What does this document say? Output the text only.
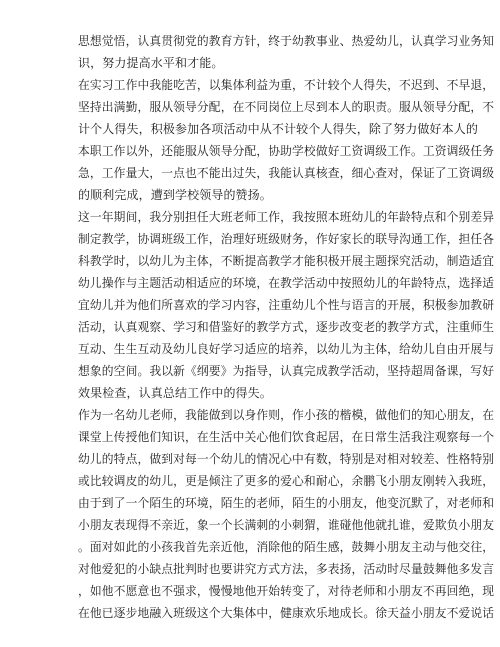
思想觉悟，认真贯彻党的教育方针，终于幼教事业、热爱幼儿，认真学习业务知
识，努力提高水平和才能。
在实习工作中我能吃苦，以集体利益为重，不计较个人得失，不迟到、不早退，
坚持出满勤，服从领导分配，在不同岗位上尽到本人的职责。服从领导分配，不
计个人得失，积极参加各项活动中从不计较个人得失，除了努力做好本人的
本职工作以外，还能服从领导分配，协助学校做好工资调级工作。工资调级任务
急，工作量大，一点也不能出过失，我能认真核查，细心查对，保证了工资调级
的顺利完成，遭到学校领导的赞扬。
这一年期间，我分别担任大班老师工作，我按照本班幼儿的年龄特点和个别差异
制定教学，协调班级工作，治理好班级财务，作好家长的联导沟通工作，担任各
科教学时，以幼儿为主体，不断提高教学才能积极开展主题探究活动，制造适宜
幼儿操作与主题活动相适应的环境，在教学活动中按照幼儿的年龄特点，选择适
宜幼儿并为他们所喜欢的学习内容，注重幼儿个性与语言的开展，积极参加教研
活动，认真观察、学习和借鉴好的教学方式，逐步改变老的教学方式，注重师生
互动、生生互动及幼儿良好学习适应的培养，以幼儿为主体，给幼儿自由开展与
想象的空间。我以新《纲要》为指导，认真完成教学活动，坚持超周备课，写好
效果检查，认真总结工作中的得失。
作为一名幼儿老师，我能做到以身作则，作小孩的楷模，做他们的知心朋友，在
课堂上传授他们知识，在生活中关心他们饮食起居，在日常生活我注观察每一个
幼儿的特点，做到对每一个幼儿的情况心中有数，特别是对相对较差、性格特别
或比较调皮的幼儿，更是倾注了更多的爱心和耐心，余鹏飞小朋友刚转入我班，
由于到了一个陌生的环境，陌生的老师，陌生的小朋友，他变沉默了，对老师和
小朋友表现得不亲近，象一个长满刺的小刺猬，谁碰他他就扎谁，爱欺负小朋友
。面对如此的小孩我首先亲近他，消除他的陌生感，鼓舞小朋友主动与他交往，
对他爱犯的小缺点批判时也要讲究方式方法，多表扬，活动时尽量鼓舞他多发言
，如他不愿意也不强求，慢慢地他开始转变了，对待老师和小朋友不再回绝，现
在他已逐步地融入班级这个大集体中，健康欢乐地成长。徐天益小朋友不爱说话
